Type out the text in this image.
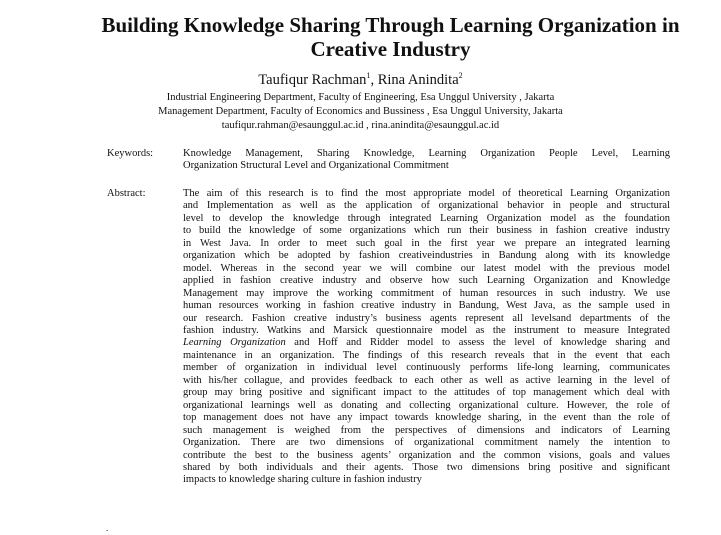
Building Knowledge Sharing Through Learning Organization in
Creative Industry
Taufiqur Rachman$^1$, Rina Anindita$^2$
Industrial Engineering Department, Faculty of Engineering, Esa Unggul University , Jakarta
Management Department, Faculty of Economics and Bussiness , Esa Unggul University, Jakarta
taufiqur.rahman@esaunggul.ac.id , rina.anindita@esaunggul.ac.id
Keywords:	Knowledge Management, Sharing Knowledge, Learning Organization People Level, Learning
Organization Structural Level and Organizational Commitment
Abstract:	The aim of this research is to find the most appropriate model of theoretical Learning Organization
and Implementation as well as the application of organizational behavior in people and structural
level to develop the knowledge through integrated Learning Organization model as the foundation
to build the knowledge of some organizations which run their business in fashion creative industry
in West Java. In order to meet such goal in the first year we prepare an integrated learning
organization which be adopted by fashion creativeindustries in Bandung along with its knowledge
model. Whereas in the second year we will combine our latest model with the previous model
applied in fashion creative industry and observe how such Learning Organization and Knowledge
Management may improve the working commitment of human resources in such industry. We use
human resources working in fashion creative industry in Bandung, West Java, as the sample used in
our research. Fashion creative industry’s business agents represent all levelsand departments of the
fashion industry. Watkins and Marsick questionnaire model as the instrument to measure Integrated
Learning Organization and Hoff and Ridder model to assess the level of knowledge sharing and
maintenance in an organization. The findings of this research reveals that in the event that each
member of organization in individual level continuously performs life-long learning, communicates
with his/her collague, and provides feedback to each other as well as active learning in the level of
group may bring positive and significant impact to the attitudes of top management which deal with
organizational learnings well as donating and collecting organizational culture. However, the role of
top management does not have any impact towards knowledge sharing, in the event than the role of
such management is weighed from the perspectives of dimensions and indicators of Learning
Organization. There are two dimensions of organizational commitment namely the intention to
contribute the best to the business agents’ organization and the common visions, goals and values
shared by both individuals and their agents. Those two dimensions bring positive and significant
impacts to knowledge sharing culture in fashion industry
.
